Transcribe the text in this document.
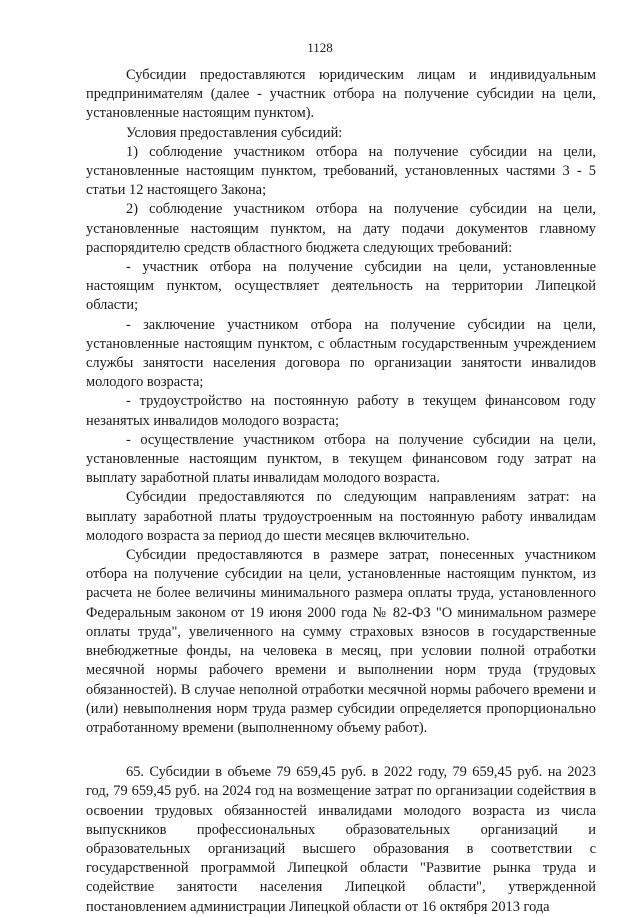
1128

Субсидии предоставляются юридическим лицам и индивидуальным предпринимателям (далее - участник отбора на получение субсидии на цели, установленные настоящим пунктом).

Условия предоставления субсидий:

1) соблюдение участником отбора на получение субсидии на цели, установленные настоящим пунктом, требований, установленных частями 3 - 5 статьи 12 настоящего Закона;

2) соблюдение участником отбора на получение субсидии на цели, установленные настоящим пунктом, на дату подачи документов главному распорядителю средств областного бюджета следующих требований:

- участник отбора на получение субсидии на цели, установленные настоящим пунктом, осуществляет деятельность на территории Липецкой области;

- заключение участником отбора на получение субсидии на цели, установленные настоящим пунктом, с областным государственным учреждением службы занятости населения договора по организации занятости инвалидов молодого возраста;

- трудоустройство на постоянную работу в текущем финансовом году незанятых инвалидов молодого возраста;

- осуществление участником отбора на получение субсидии на цели, установленные настоящим пунктом, в текущем финансовом году затрат на выплату заработной платы инвалидам молодого возраста.

Субсидии предоставляются по следующим направлениям затрат: на выплату заработной платы трудоустроенным на постоянную работу инвалидам молодого возраста за период до шести месяцев включительно.

Субсидии предоставляются в размере затрат, понесенных участником отбора на получение субсидии на цели, установленные настоящим пунктом, из расчета не более величины минимального размера оплаты труда, установленного Федеральным законом от 19 июня 2000 года № 82-ФЗ "О минимальном размере оплаты труда", увеличенного на сумму страховых взносов в государственные внебюджетные фонды, на человека в месяц, при условии полной отработки месячной нормы рабочего времени и выполнении норм труда (трудовых обязанностей). В случае неполной отработки месячной нормы рабочего времени и (или) невыполнения норм труда размер субсидии определяется пропорционально отработанному времени (выполненному объему работ).

65. Субсидии в объеме 79 659,45 руб. в 2022 году, 79 659,45 руб. на 2023 год, 79 659,45 руб. на 2024 год на возмещение затрат по организации содействия в освоении трудовых обязанностей инвалидами молодого возраста из числа выпускников профессиональных образовательных организаций и образовательных организаций высшего образования в соответствии с государственной программой Липецкой области "Развитие рынка труда и содействие занятости населения Липецкой области", утвержденной постановлением администрации Липецкой области от 16 октября 2013 года
